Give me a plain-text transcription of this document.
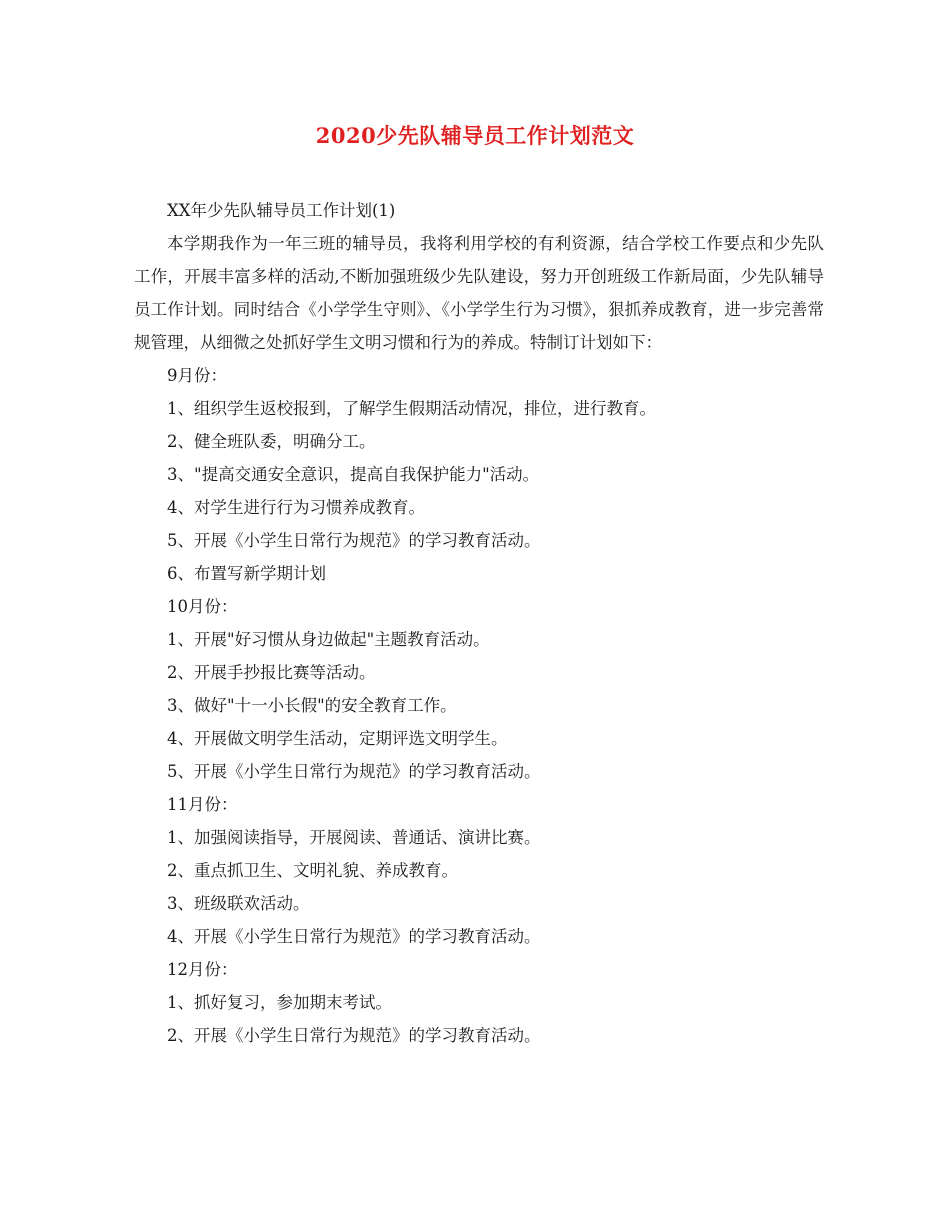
2020少先队辅导员工作计划范文

XX年少先队辅导员工作计划(1)

本学期我作为一年三班的辅导员，我将利用学校的有利资源，结合学校工作要点和少先队工作，开展丰富多样的活动,不断加强班级少先队建设，努力开创班级工作新局面，少先队辅导员工作计划。同时结合《小学学生守则》、《小学学生行为习惯》，狠抓养成教育，进一步完善常规管理，从细微之处抓好学生文明习惯和行为的养成。特制订计划如下：

9月份：

1、组织学生返校报到，了解学生假期活动情况，排位，进行教育。

2、健全班队委，明确分工。

3、"提高交通安全意识，提高自我保护能力"活动。

4、对学生进行行为习惯养成教育。

5、开展《小学生日常行为规范》的学习教育活动。

6、布置写新学期计划

10月份：

1、开展"好习惯从身边做起"主题教育活动。

2、开展手抄报比赛等活动。

3、做好"十一小长假"的安全教育工作。

4、开展做文明学生活动，定期评选文明学生。

5、开展《小学生日常行为规范》的学习教育活动。

11月份：

1、加强阅读指导，开展阅读、普通话、演讲比赛。

2、重点抓卫生、文明礼貌、养成教育。

3、班级联欢活动。

4、开展《小学生日常行为规范》的学习教育活动。

12月份：

1、抓好复习，参加期末考试。

2、开展《小学生日常行为规范》的学习教育活动。
